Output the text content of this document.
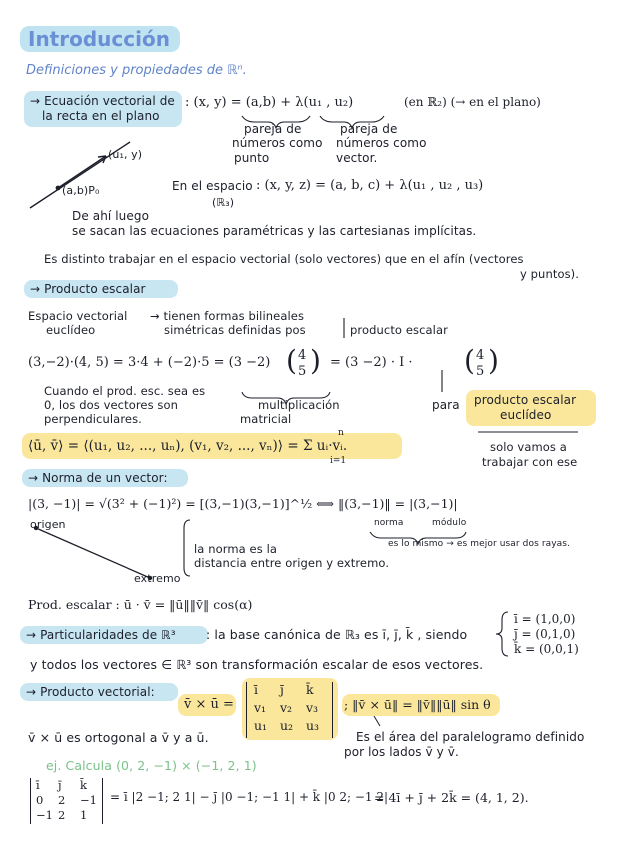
Introducción
Definiciones y propiedades de ℝⁿ.
→ Ecuación vectorial de
la recta en el plano
: (x, y) = (a,b) + λ(u₁ , u₂)	(en ℝ₂) (→ en el plano)
pareja de
números como
punto
pareja de
números como
vector.
(u₁, y)
(a,b)P₀	En el espacio
(ℝ₃)
: (x, y, z) = (a, b, c) + λ(u₁ , u₂ , u₃)
De ahí luego
se sacan las ecuaciones paramétricas y las cartesianas implícitas.
Es distinto trabajar en el espacio vectorial (solo vectores) que en el afín (vectores
y puntos).
→ Producto escalar
Espacio vectorial
euclídeo
→ tienen formas bilineales
simétricas definidas pos	producto escalar
(3,−2)·(4, 5) = 3·4 + (−2)·5 = (3 −2) 4
5
( ) = (3 −2) · I ·	4
5
( )
Cuando el prod. esc. sea es
0, los dos vectores son
perpendiculares.
multiplicación
matricial
para producto escalar
euclídeo
⟨ū, v̄⟩ = ⟨(u₁, u₂, ..., uₙ), (v₁, v₂, ..., vₙ)⟩ = Σ uᵢ·vᵢ.
n
i=1
solo vamos a
trabajar con ese
→ Norma de un vector:
|(3, −1)| = √(3² + (−1)²) = [(3,−1)(3,−1)]^½ ⟺ ‖(3,−1)‖ = |(3,−1)|
norma	módulo
es lo mismo → es mejor usar dos rayas.
origen
extremo
la norma es la
distancia entre origen y extremo.
Prod. escalar : ū · v̄ = ‖ū‖‖v̄‖ cos(α)
→ Particularidades de ℝ³	: la base canónica de ℝ₃ es ī, j̄, k̄ , siendo
ī = (1,0,0)
j̄ = (0,1,0)
k̄ = (0,0,1)
y todos los vectores ∈ ℝ³ son transformación escalar de esos vectores.
→ Producto vectorial:
v̄ × ū =
ī j̄ k̄
v₁ v₂ v₃
u₁ u₂ u₃
; ‖v̄ × ū‖ = ‖v̄‖‖ū‖ sin θ
v̄ × ū es ortogonal a v̄ y a ū.	Es el área del paralelogramo definido
por los lados v̄ y v̄.
ej. Calcula (0, 2, −1) × (−1, 2, 1)
ī j̄ k̄
0 2 −1
−1 2 1
= ī |2 −1; 2 1| − j̄ |0 −1; −1 1| + k̄ |0 2; −1 2|
= 4ī + j̄ + 2k̄ = (4, 1, 2).
